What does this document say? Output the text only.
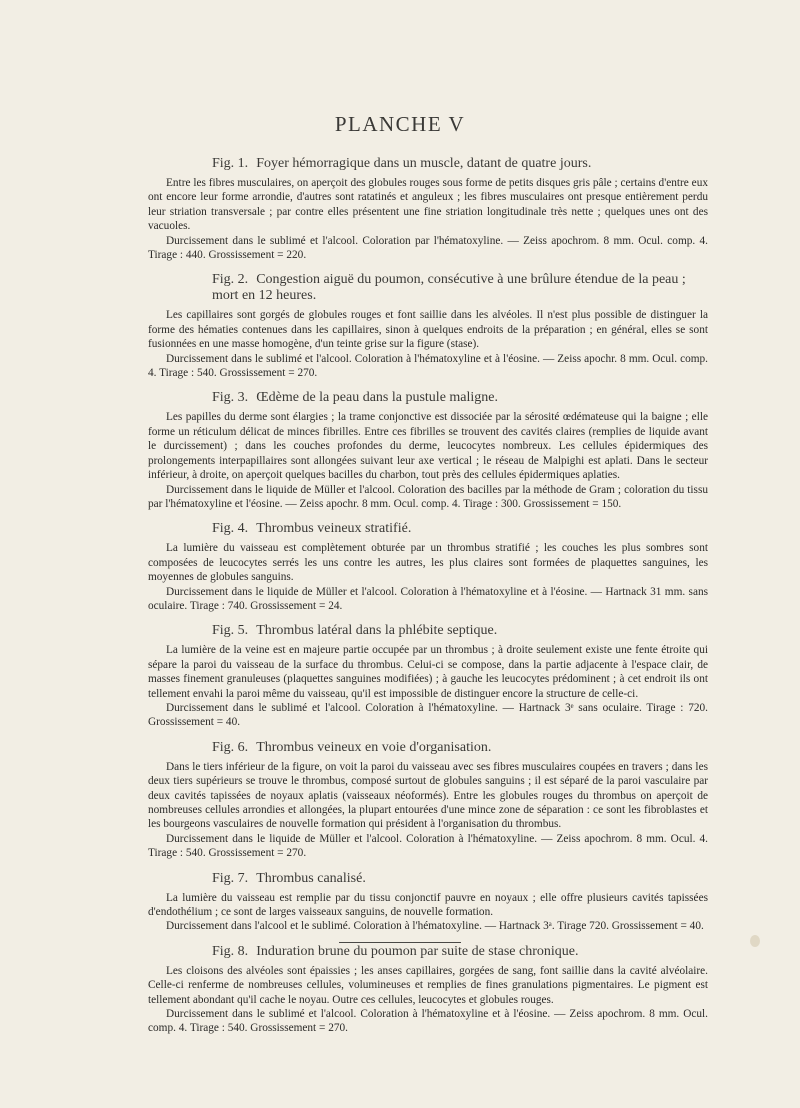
PLANCHE V
Fig. 1. Foyer hémorragique dans un muscle, datant de quatre jours.

Entre les fibres musculaires, on aperçoit des globules rouges sous forme de petits disques gris pâle ; certains d'entre eux ont encore leur forme arrondie, d'autres sont ratatinés et anguleux ; les fibres musculaires ont presque entièrement perdu leur striation transversale ; par contre elles présentent une fine striation longitudinale très nette ; quelques unes ont des vacuoles.

Durcissement dans le sublimé et l'alcool. Coloration par l'hématoxyline. — Zeiss apochrom. 8 mm. Ocul. comp. 4. Tirage : 440. Grossissement = 220.

Fig. 2. Congestion aiguë du poumon, consécutive à une brûlure étendue de la peau ; mort en 12 heures.

Les capillaires sont gorgés de globules rouges et font saillie dans les alvéoles. Il n'est plus possible de distinguer la forme des hématies contenues dans les capillaires, sinon à quelques endroits de la préparation ; en général, elles se sont fusionnées en une masse homogène, d'un teinte grise sur la figure (stase).

Durcissement dans le sublimé et l'alcool. Coloration à l'hématoxyline et à l'éosine. — Zeiss apochr. 8 mm. Ocul. comp. 4. Tirage : 540. Grossissement = 270.

Fig. 3. Œdème de la peau dans la pustule maligne.

Les papilles du derme sont élargies ; la trame conjonctive est dissociée par la sérosité œdémateuse qui la baigne ; elle forme un réticulum délicat de minces fibrilles. Entre ces fibrilles se trouvent des cavités claires (remplies de liquide avant le durcissement) ; dans les couches profondes du derme, leucocytes nombreux. Les cellules épidermiques des prolongements interpapillaires sont allongées suivant leur axe vertical ; le réseau de Malpighi est aplati. Dans le secteur inférieur, à droite, on aperçoit quelques bacilles du charbon, tout près des cellules épidermiques aplaties.

Durcissement dans le liquide de Müller et l'alcool. Coloration des bacilles par la méthode de Gram ; coloration du tissu par l'hématoxyline et l'éosine. — Zeiss apochr. 8 mm. Ocul. comp. 4. Tirage : 300. Grossissement = 150.

Fig. 4. Thrombus veineux stratifié.

La lumière du vaisseau est complètement obturée par un thrombus stratifié ; les couches les plus sombres sont composées de leucocytes serrés les uns contre les autres, les plus claires sont formées de plaquettes sanguines, les moyennes de globules sanguins.

Durcissement dans le liquide de Müller et l'alcool. Coloration à l'hématoxyline et à l'éosine. — Hartnack 31 mm. sans oculaire. Tirage : 740. Grossissement = 24.

Fig. 5. Thrombus latéral dans la phlébite septique.

La lumière de la veine est en majeure partie occupée par un thrombus ; à droite seulement existe une fente étroite qui sépare la paroi du vaisseau de la surface du thrombus. Celui-ci se compose, dans la partie adjacente à l'espace clair, de masses finement granuleuses (plaquettes sanguines modifiées) ; à gauche les leucocytes prédominent ; à cet endroit ils ont tellement envahi la paroi même du vaisseau, qu'il est impossible de distinguer encore la structure de celle-ci.

Durcissement dans le sublimé et l'alcool. Coloration à l'hématoxyline. — Hartnack 3ᵉ sans oculaire. Tirage : 720. Grossissement = 40.

Fig. 6. Thrombus veineux en voie d'organisation.

Dans le tiers inférieur de la figure, on voit la paroi du vaisseau avec ses fibres musculaires coupées en travers ; dans les deux tiers supérieurs se trouve le thrombus, composé surtout de globules sanguins ; il est séparé de la paroi vasculaire par deux cavités tapissées de noyaux aplatis (vaisseaux néoformés). Entre les globules rouges du thrombus on aperçoit de nombreuses cellules arrondies et allongées, la plupart entourées d'une mince zone de séparation : ce sont les fibroblastes et les bourgeons vasculaires de nouvelle formation qui président à l'organisation du thrombus.

Durcissement dans le liquide de Müller et l'alcool. Coloration à l'hématoxyline. — Zeiss apochrom. 8 mm. Ocul. 4. Tirage : 540. Grossissement = 270.

Fig. 7. Thrombus canalisé.

La lumière du vaisseau est remplie par du tissu conjonctif pauvre en noyaux ; elle offre plusieurs cavités tapissées d'endothélium ; ce sont de larges vaisseaux sanguins, de nouvelle formation.

Durcissement dans l'alcool et le sublimé. Coloration à l'hématoxyline. — Hartnack 3ᵃ. Tirage 720. Grossissement = 40.

Fig. 8. Induration brune du poumon par suite de stase chronique.

Les cloisons des alvéoles sont épaissies ; les anses capillaires, gorgées de sang, font saillie dans la cavité alvéolaire. Celle-ci renferme de nombreuses cellules, volumineuses et remplies de fines granulations pigmentaires. Le pigment est tellement abondant qu'il cache le noyau. Outre ces cellules, leucocytes et globules rouges.

Durcissement dans le sublimé et l'alcool. Coloration à l'hématoxyline et à l'éosine. — Zeiss apochrom. 8 mm. Ocul. comp. 4. Tirage : 540. Grossissement = 270.
